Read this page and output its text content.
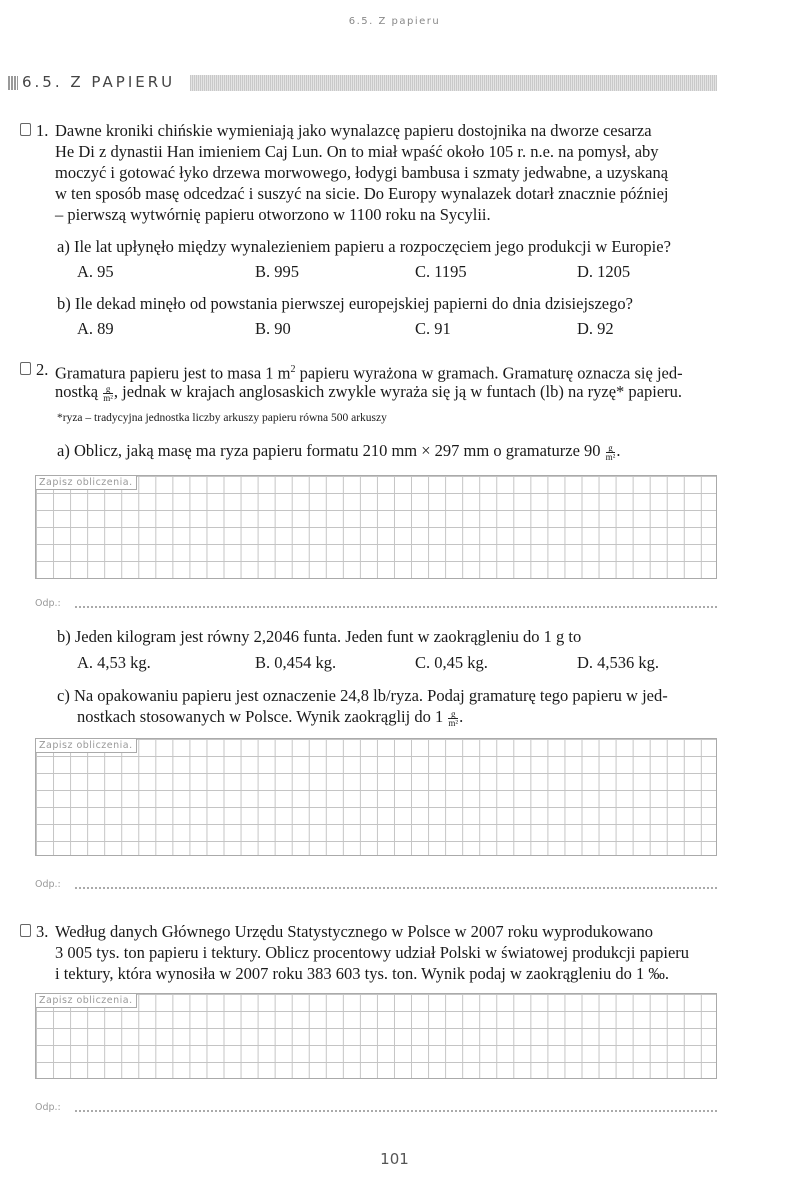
6.5. Z papieru
6.5. Z PAPIERU
1. Dawne kroniki chińskie wymieniają jako wynalazcę papieru dostojnika na dworze cesarza
He Di z dynastii Han imieniem Caj Lun. On to miał wpaść około 105 r. n.e. na pomysł, aby
moczyć i gotować łyko drzewa morwowego, łodygi bambusa i szmaty jedwabne, a uzyskaną
w ten sposób masę odcedzać i suszyć na sicie. Do Europy wynalazek dotarł znacznie później
– pierwszą wytwórnię papieru otworzono w 1100 roku na Sycylii.
a) Ile lat upłynęło między wynalezieniem papieru a rozpoczęciem jego produkcji w Europie?
A. 95	B. 995	C. 1195	D. 1205
b) Ile dekad minęło od powstania pierwszej europejskiej papierni do dnia dzisiejszego?
A. 89	B. 90	C. 91	D. 92
2. Gramatura papieru jest to masa 1 $m^2$ papieru wyrażona w gramach. Gramaturę oznacza się jed-
nostką $\frac{g}{\text{m²}}$ , jednak w krajach anglosaskich zwykle wyraża się ją w funtach (lb) na ryzę* papieru.
*ryza – tradycyjna jednostka liczby arkuszy papieru równa 500 arkuszy
a) Oblicz, jaką masę ma ryza papieru formatu 210 mm × 297 mm o gramaturze $90 \frac{g}{\text{m²}}$ .
Zapisz obliczenia.
Odp.:
b) Jeden kilogram jest równy 2,2046 funta. Jeden funt w zaokrągleniu do 1 g to
A. 4,53 kg.	B. 0,454 kg.	C. 0,45 kg.	D. 4,536 kg.
c) Na opakowaniu papieru jest oznaczenie 24,8 lb/ryza. Podaj gramaturę tego papieru w jed-
nostkach stosowanych w Polsce. Wynik zaokrąglij do $1 \frac{g}{\text{m²}}$ .
Zapisz obliczenia.
Odp.:
3. Według danych Głównego Urzędu Statystycznego w Polsce w 2007 roku wyprodukowano
3 005 tys. ton papieru i tektury. Oblicz procentowy udział Polski w światowej produkcji papieru
i tektury, która wynosiła w 2007 roku 383 603 tys. ton. Wynik podaj w zaokrągleniu do 1 ‰.
Zapisz obliczenia.
Odp.:
101
